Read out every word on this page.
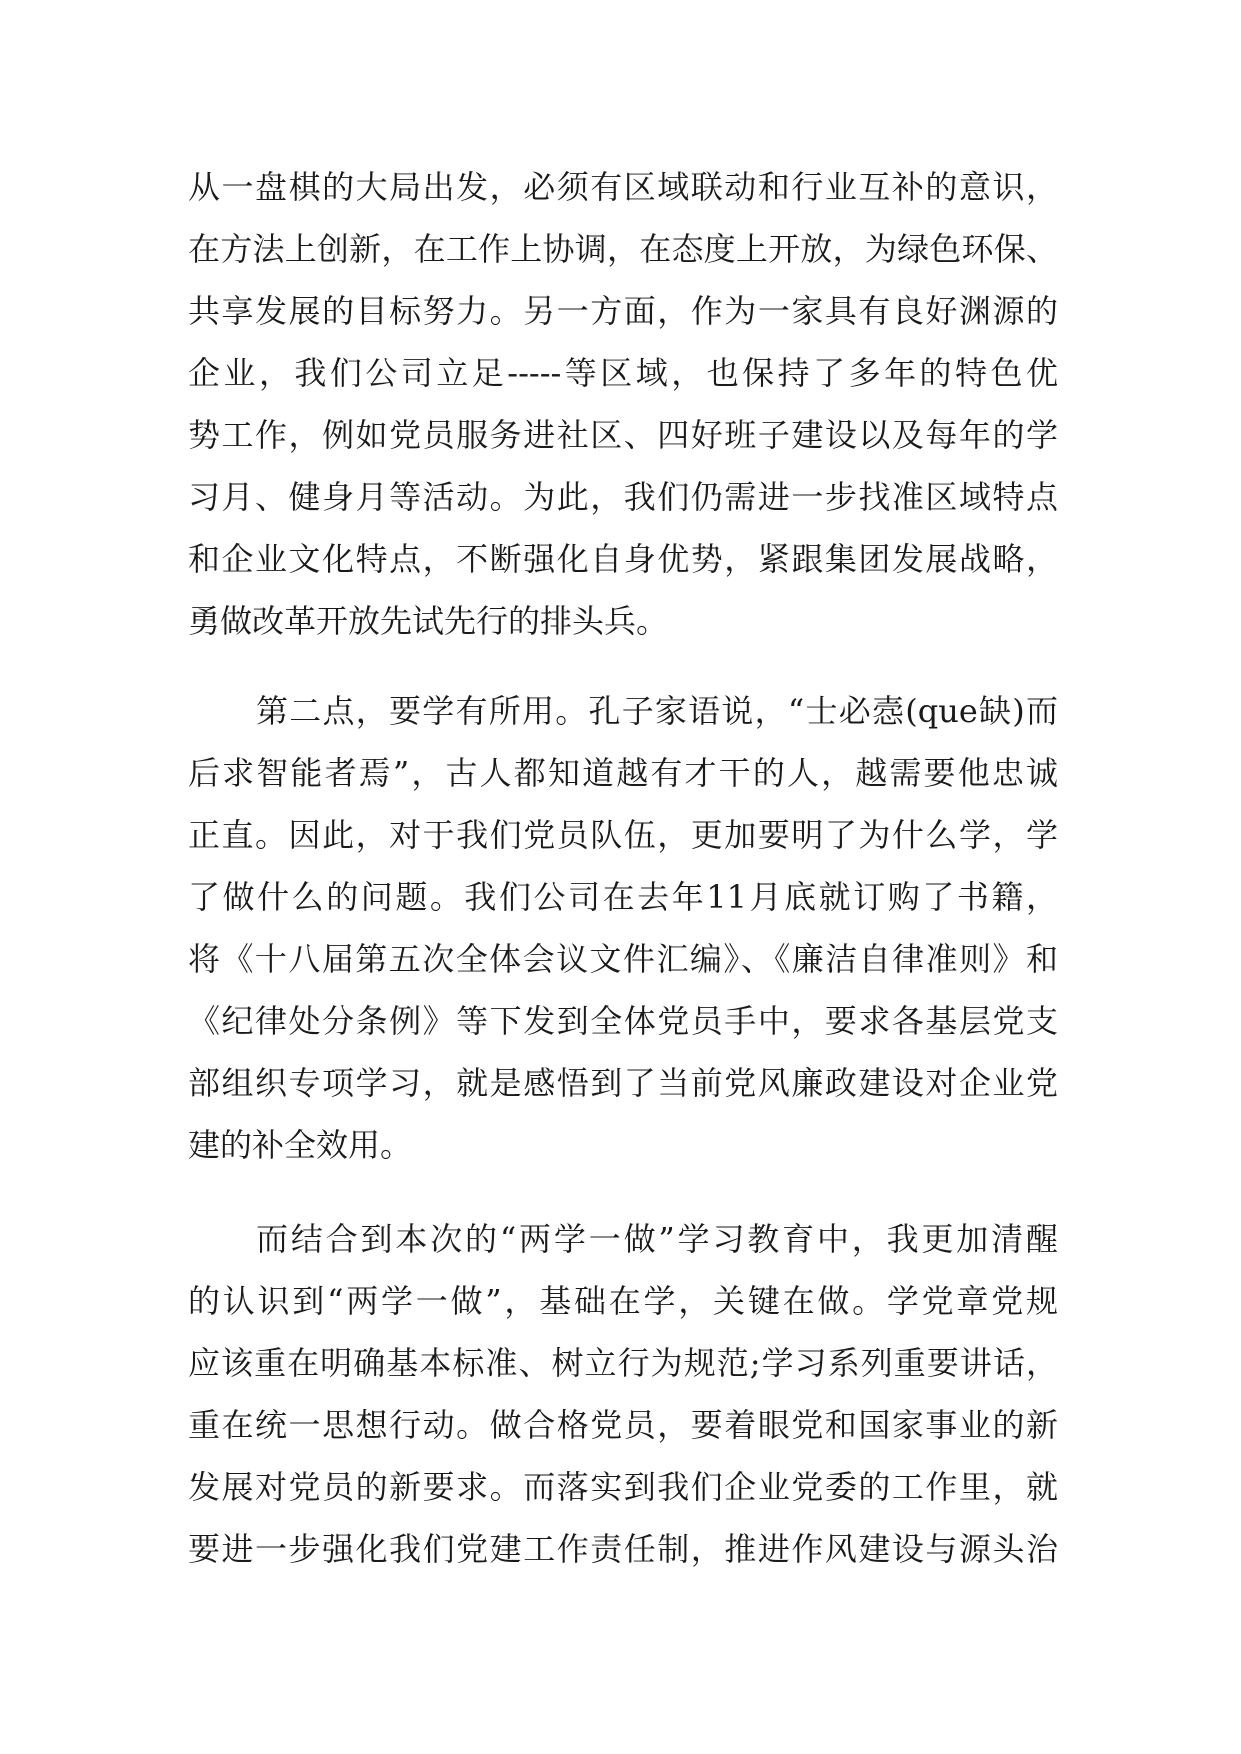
从一盘棋的大局出发，必须有区域联动和行业互补的意识，
在方法上创新，在工作上协调，在态度上开放，为绿色环保、
共享发展的目标努力。另一方面，作为一家具有良好渊源的
企业，我们公司立足-----等区域，也保持了多年的特色优
势工作，例如党员服务进社区、四好班子建设以及每年的学
习月、健身月等活动。为此，我们仍需进一步找准区域特点
和企业文化特点，不断强化自身优势，紧跟集团发展战略，
勇做改革开放先试先行的排头兵。
第二点，要学有所用。孔子家语说，“士必悫(que缺)而
后求智能者焉”，古人都知道越有才干的人，越需要他忠诚
正直。因此，对于我们党员队伍，更加要明了为什么学，学
了做什么的问题。我们公司在去年11月底就订购了书籍，
将《十八届第五次全体会议文件汇编》、《廉洁自律准则》和
《纪律处分条例》等下发到全体党员手中，要求各基层党支
部组织专项学习，就是感悟到了当前党风廉政建设对企业党
建的补全效用。
而结合到本次的“两学一做”学习教育中，我更加清醒
的认识到“两学一做”，基础在学，关键在做。学党章党规
应该重在明确基本标准、树立行为规范;学习系列重要讲话，
重在统一思想行动。做合格党员，要着眼党和国家事业的新
发展对党员的新要求。而落实到我们企业党委的工作里，就
要进一步强化我们党建工作责任制，推进作风建设与源头治
